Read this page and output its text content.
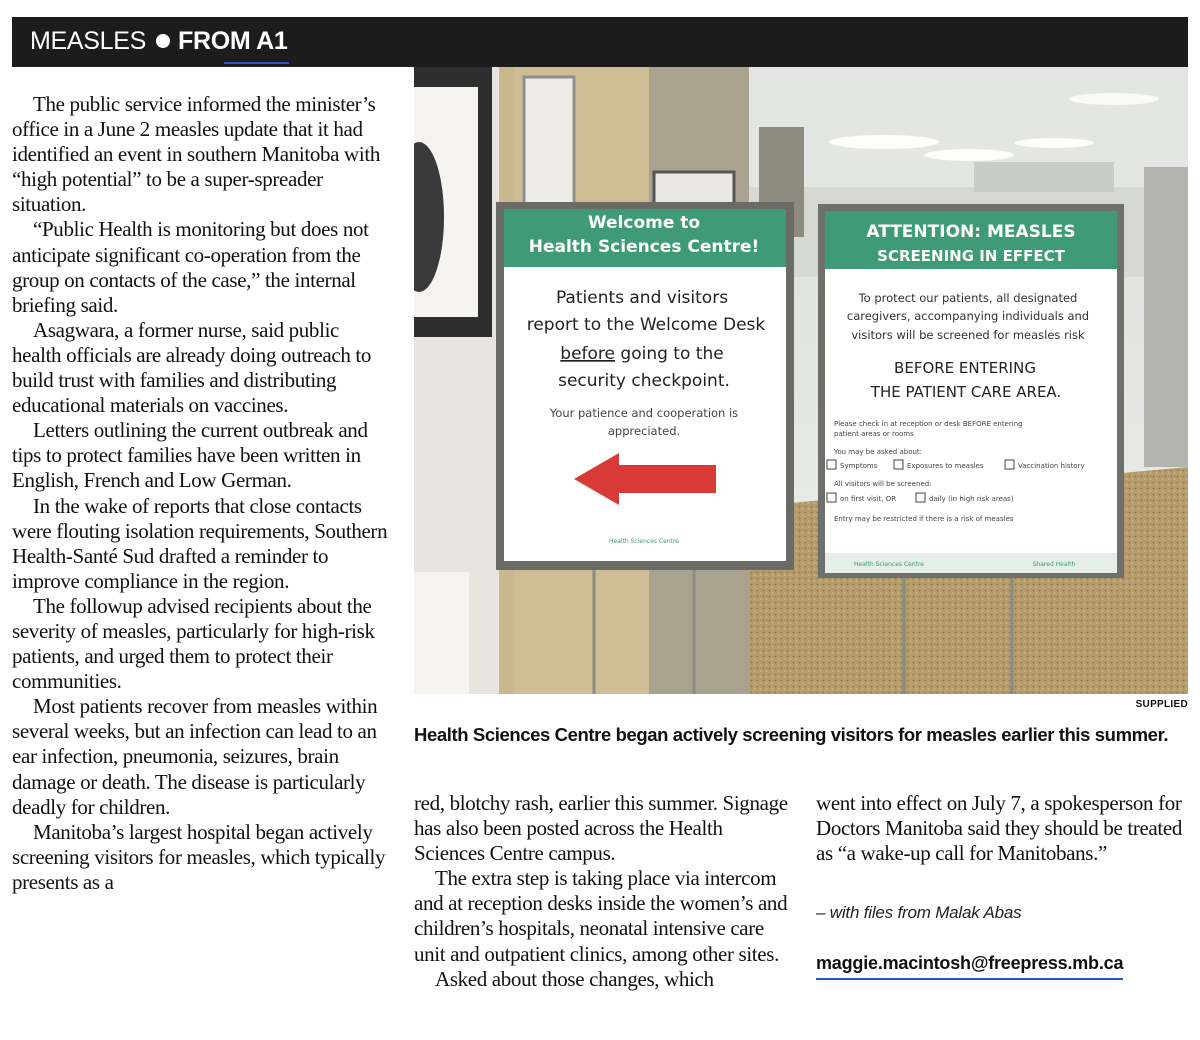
MEASLES FROM A1

The public service informed the minister’s office in a June 2 measles update that it had identified an event in southern Manitoba with “high potential” to be a super-spreader situation.

“Public Health is monitoring but does not anticipate significant co-operation from the group on contacts of the case,” the internal briefing said.

Asagwara, a former nurse, said public health officials are already doing outreach to build trust with families and distributing educational materials on vaccines.

Letters outlining the current outbreak and tips to protect families have been written in English, French and Low German.

In the wake of reports that close contacts were flouting isolation requirements, Southern Health-Santé Sud drafted a reminder to improve compliance in the region.

The followup advised recipients about the severity of measles, particularly for high-risk patients, and urged them to protect their communities.

Most patients recover from measles within several weeks, but an infection can lead to an ear infection, pneumonia, seizures, brain damage or death. The disease is particularly deadly for children.

Manitoba’s largest hospital began actively screening visitors for measles, which typically presents as a

Welcome to
Health Sciences Centre!
Patients and visitors
report to the Welcome Desk
before going to the
security checkpoint.
Your patience and cooperation is
appreciated.
Health Sciences Centre
ATTENTION: MEASLES
SCREENING IN EFFECT
To protect our patients, all designated
caregivers, accompanying individuals and
visitors will be screened for measles risk
BEFORE ENTERING
THE PATIENT CARE AREA.
Please check in at reception or desk BEFORE entering
patient areas or rooms
You may be asked about:
Symptoms	Exposures to measles	Vaccination history
All visitors will be screened:
on first visit, OR	daily (in high risk areas)
Entry may be restricted if there is a risk of measles
Health Sciences Centre	Shared Health
SUPPLIED
Health Sciences Centre began actively screening visitors for measles earlier this summer.

red, blotchy rash, earlier this summer. Signage has also been posted across the Health Sciences Centre campus.

The extra step is taking place via intercom and at reception desks inside the women’s and children’s hospitals, neonatal intensive care unit and outpatient clinics, among other sites.

Asked about those changes, which

went into effect on July 7, a spokesperson for Doctors Manitoba said they should be treated as “a wake-up call for Manitobans.”

– with files from Malak Abas
maggie.macintosh@freepress.mb.ca
